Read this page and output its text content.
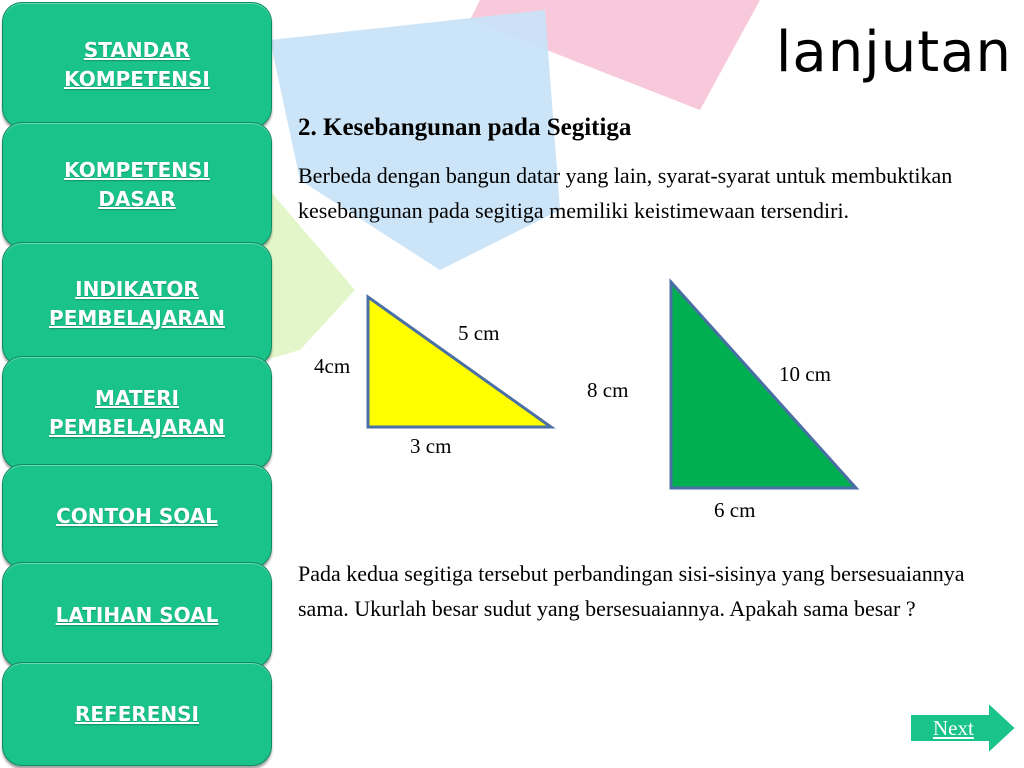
STANDAR
KOMPETENSI
KOMPETENSI
DASAR
INDIKATOR
PEMBELAJARAN
MATERI
PEMBELAJARAN
CONTOH SOAL
LATIHAN SOAL
REFERENSI
lanjutan
2. Kesebangunan pada Segitiga
Berbeda dengan bangun datar yang lain, syarat-syarat untuk membuktikan kesebangunan pada segitiga memiliki keistimewaan tersendiri.
5 cm
4cm
3 cm
8 cm
10 cm
6 cm
Pada kedua segitiga tersebut perbandingan sisi-sisinya yang bersesuaiannya sama. Ukurlah besar sudut yang bersesuaiannya. Apakah sama besar ?
Next
